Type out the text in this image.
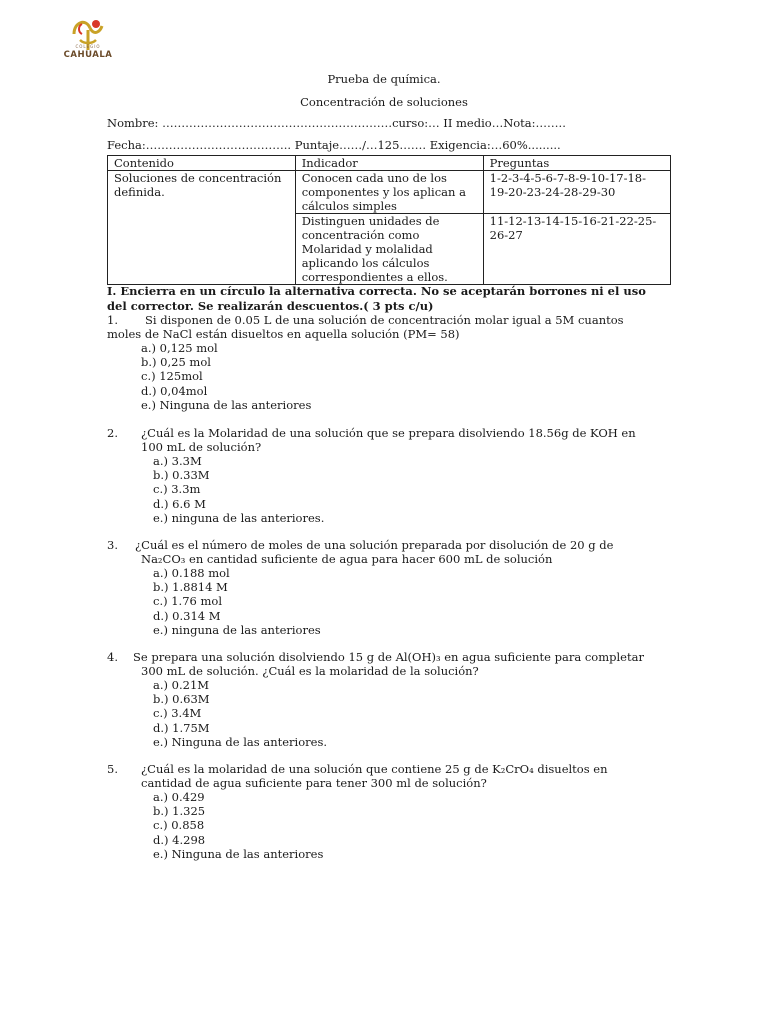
COLEGIO
CAHUALA
Prueba de química.
Concentración de soluciones
Nombre: ……………………………………………………curso:… II medio…Nota:……..
Fecha:……………………………….. Puntaje……/…125……. Exigencia:…60%.........
Contenido	Indicador	Preguntas
Soluciones de concentración definida.	Conocen cada uno de los componentes y los aplican a cálculos simples	1-2-3-4-5-6-7-8-9-10-17-18-19-20-23-24-28-29-30
	Distinguen unidades de concentración como Molaridad y molalidad aplicando los cálculos correspondientes a ellos.	11-12-13-14-15-16-21-22-25-26-27
I. Encierra en un círculo la alternativa correcta. No se aceptarán borrones ni el uso del corrector. Se realizarán descuentos.( 3 pts c/u)
1. Si disponen de 0.05 L de una solución de concentración molar igual a 5M cuantos
moles de NaCl están disueltos en aquella solución (PM= 58)
a.) 0,125 mol
b.) 0,25 mol
c.) 125mol
d.) 0,04mol
e.) Ninguna de las anteriores
2. ¿Cuál es la Molaridad de una solución que se prepara disolviendo 18.56g de KOH en
100 mL de solución?
a.) 3.3M
b.) 0.33M
c.) 3.3m
d.) 6.6 M
e.) ninguna de las anteriores.
3. ¿Cuál es el número de moles de una solución preparada por disolución de 20 g de
Na₂CO₃ en cantidad suficiente de agua para hacer 600 mL de solución
a.) 0.188 mol
b.) 1.8814 M
c.) 1.76 mol
d.) 0.314 M
e.) ninguna de las anteriores
4. Se prepara una solución disolviendo 15 g de Al(OH)₃ en agua suficiente para completar
300 mL de solución. ¿Cuál es la molaridad de la solución?
a.) 0.21M
b.) 0.63M
c.) 3.4M
d.) 1.75M
e.) Ninguna de las anteriores.
5. ¿Cuál es la molaridad de una solución que contiene 25 g de K₂CrO₄ disueltos en
cantidad de agua suficiente para tener 300 ml de solución?
a.) 0.429
b.) 1.325
c.) 0.858
d.) 4.298
e.) Ninguna de las anteriores
